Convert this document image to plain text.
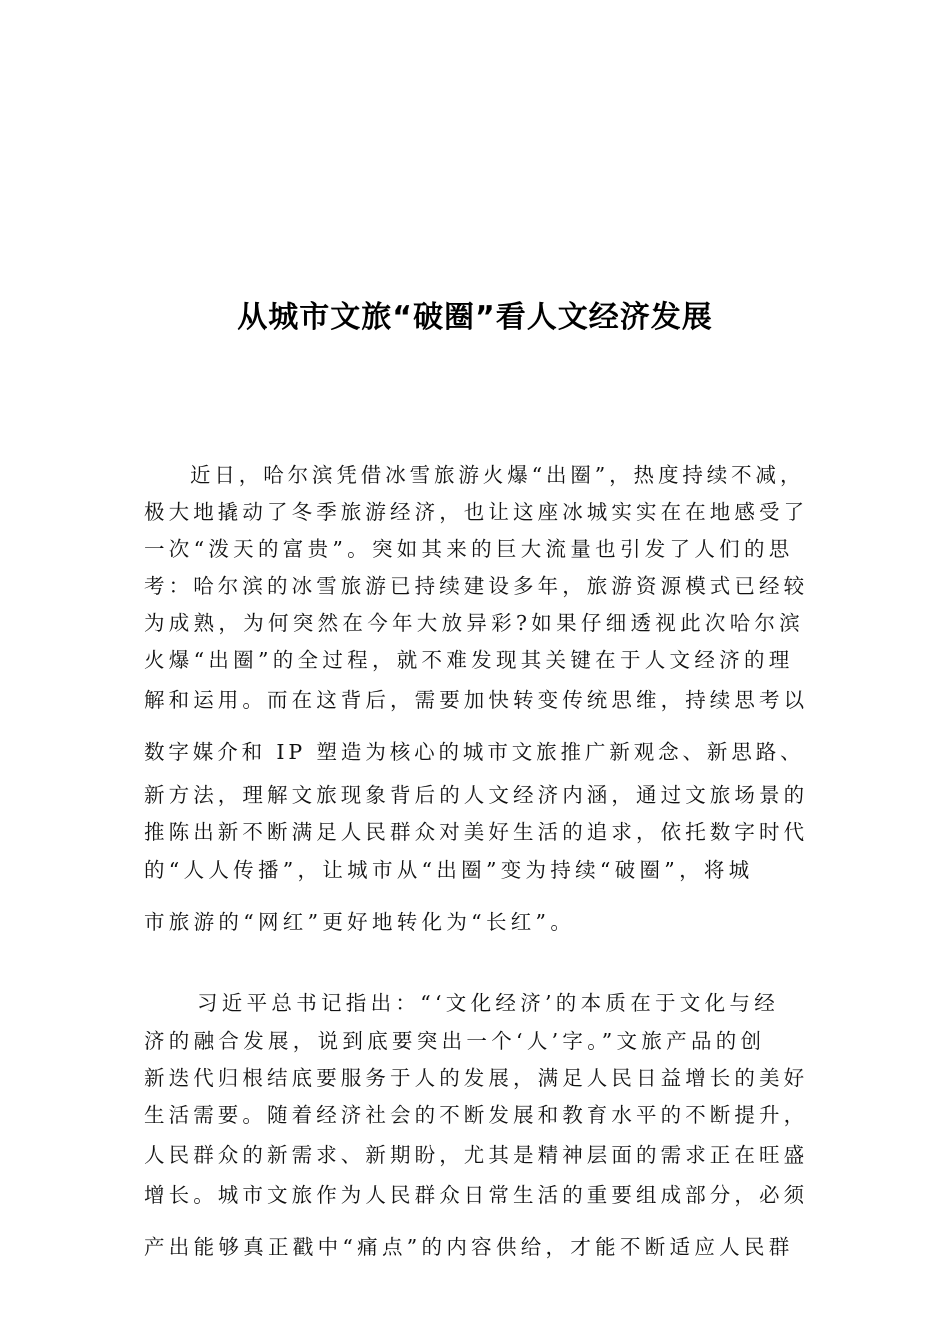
从城市文旅“破圈”看人文经济发展
近日，哈尔滨凭借冰雪旅游火爆“出圈”，热度持续不减，
极大地撬动了冬季旅游经济，也让这座冰城实实在在地感受了
一次“泼天的富贵”。突如其来的巨大流量也引发了人们的思
考：哈尔滨的冰雪旅游已持续建设多年，旅游资源模式已经较
为成熟，为何突然在今年大放异彩?如果仔细透视此次哈尔滨
火爆“出圈”的全过程，就不难发现其关键在于人文经济的理
解和运用。而在这背后，需要加快转变传统思维，持续思考以
数字媒介和 IP 塑造为核心的城市文旅推广新观念、新思路、
新方法，理解文旅现象背后的人文经济内涵，通过文旅场景的
推陈出新不断满足人民群众对美好生活的追求，依托数字时代
的“人人传播”，让城市从“出圈”变为持续“破圈”，将城
市旅游的“网红”更好地转化为“长红”。
习近平总书记指出：“‘文化经济’的本质在于文化与经
济的融合发展，说到底要突出一个‘人’字。”文旅产品的创
新迭代归根结底要服务于人的发展，满足人民日益增长的美好
生活需要。随着经济社会的不断发展和教育水平的不断提升，
人民群众的新需求、新期盼，尤其是精神层面的需求正在旺盛
增长。城市文旅作为人民群众日常生活的重要组成部分，必须
产出能够真正戳中“痛点”的内容供给，才能不断适应人民群
